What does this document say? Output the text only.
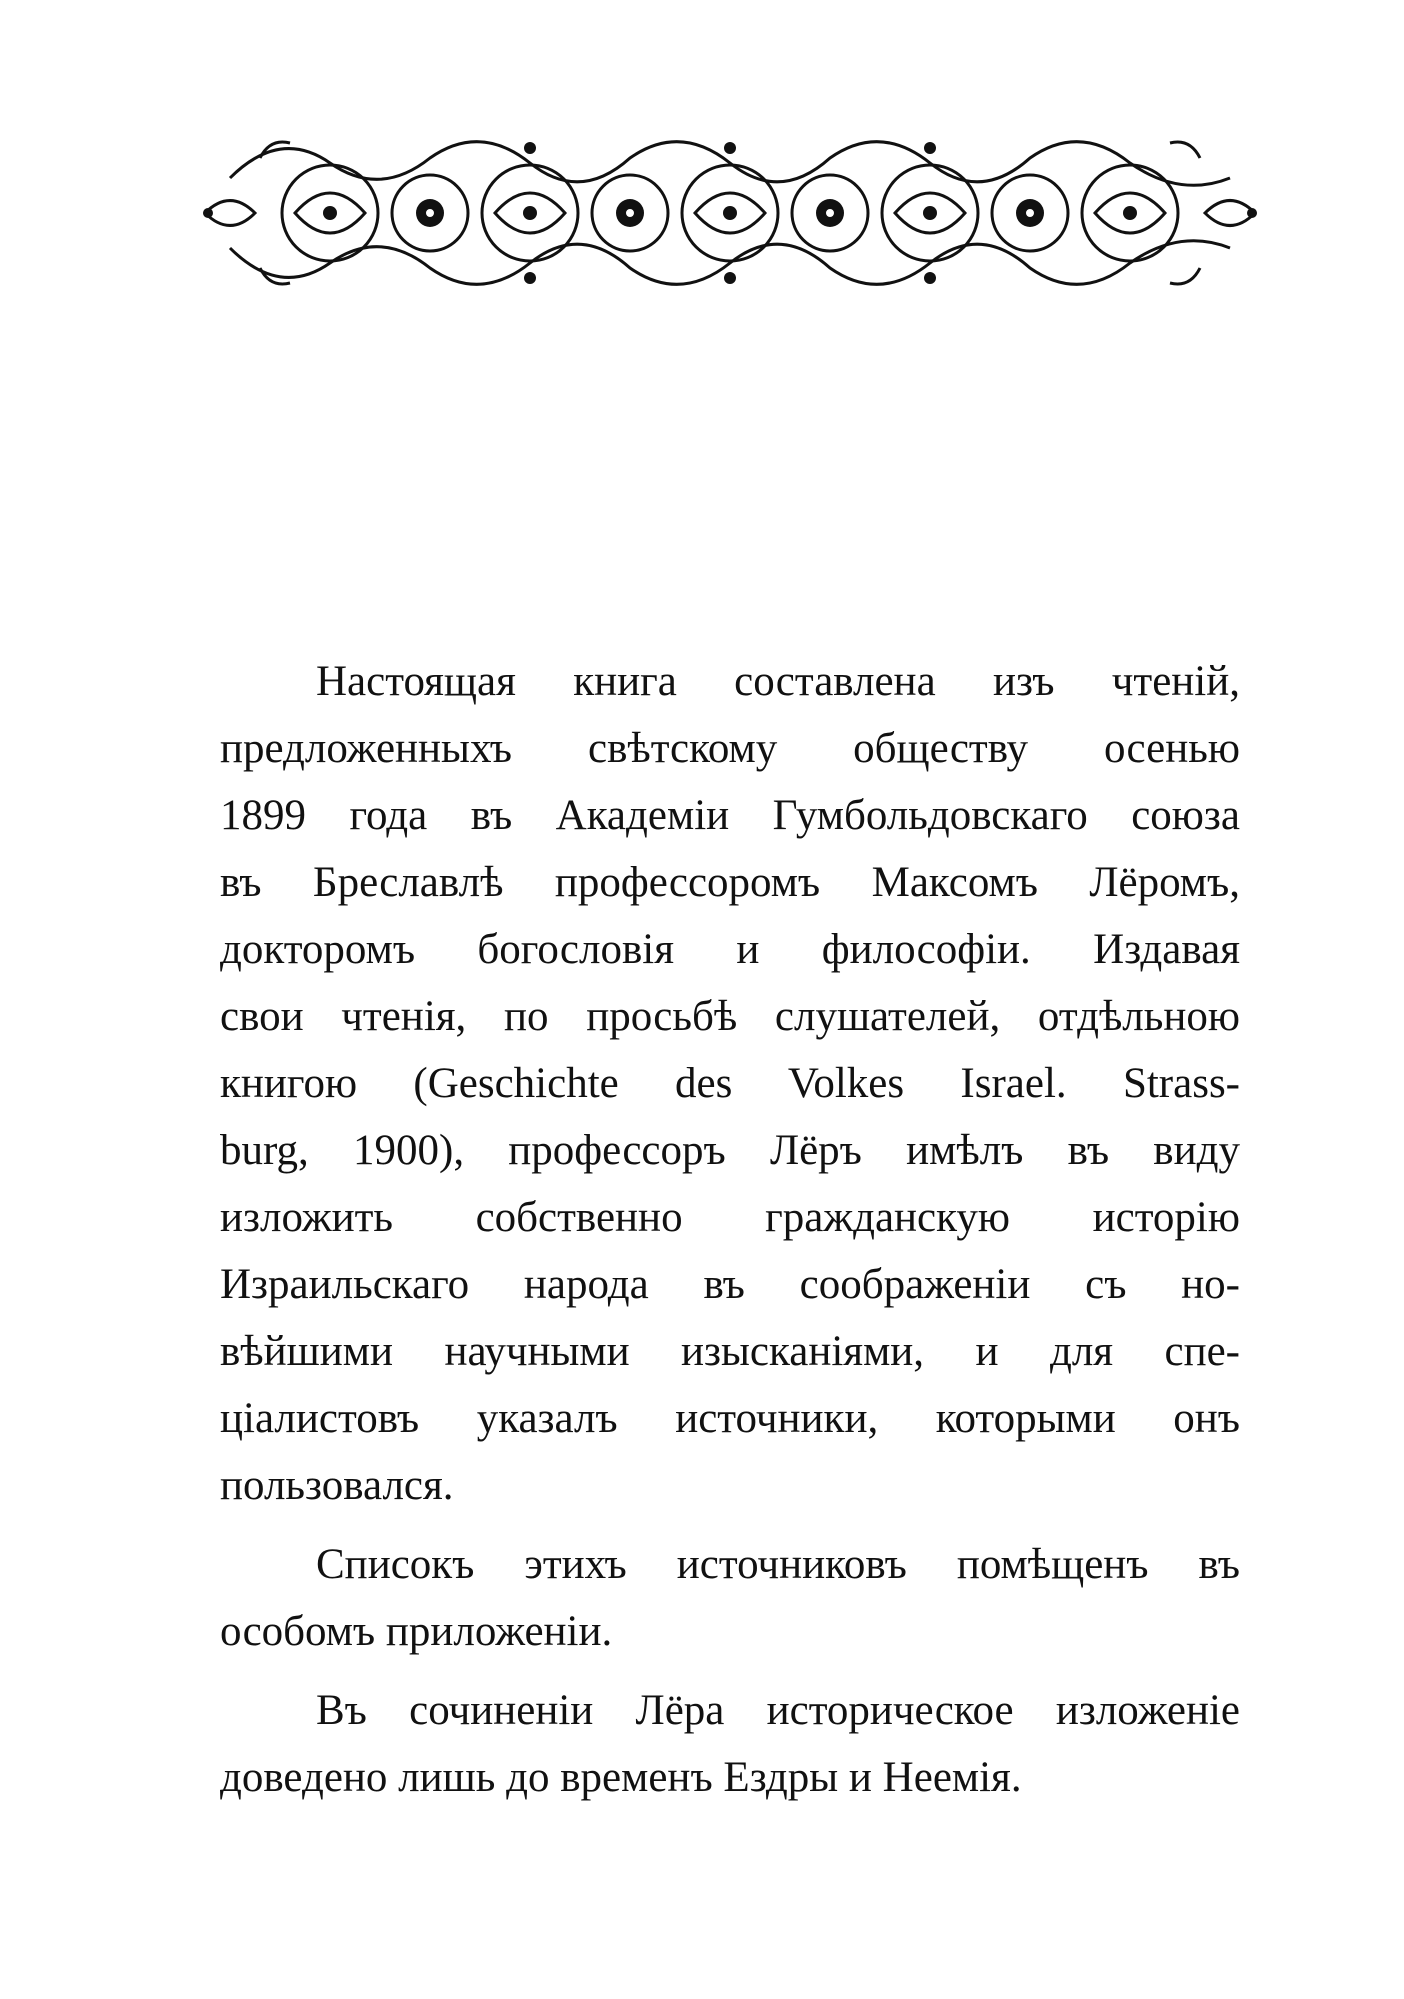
Настоящая книга составлена изъ чтеній,
предложенныхъ свѣтскому обществу осенью
1899 года въ Академіи Гумбольдовскаго союза
въ Бреславлѣ профессоромъ Максомъ Лёромъ,
докторомъ богословія и философіи. Издавая
свои чтенія, по просьбѣ слушателей, отдѣльною
книгою (Geschichte des Volkes Israel. Strass-
burg, 1900), профессоръ Лёръ имѣлъ въ виду
изложить собственно гражданскую исторію
Израильскаго народа въ соображеніи съ но-
вѣйшими научными изысканіями, и для спе-
ціалистовъ указалъ источники, которыми онъ
пользовался.
Списокъ этихъ источниковъ помѣщенъ въ
особомъ приложеніи.
Въ сочиненіи Лёра историческое изложеніе
доведено лишь до временъ Ездры и Неемія.
